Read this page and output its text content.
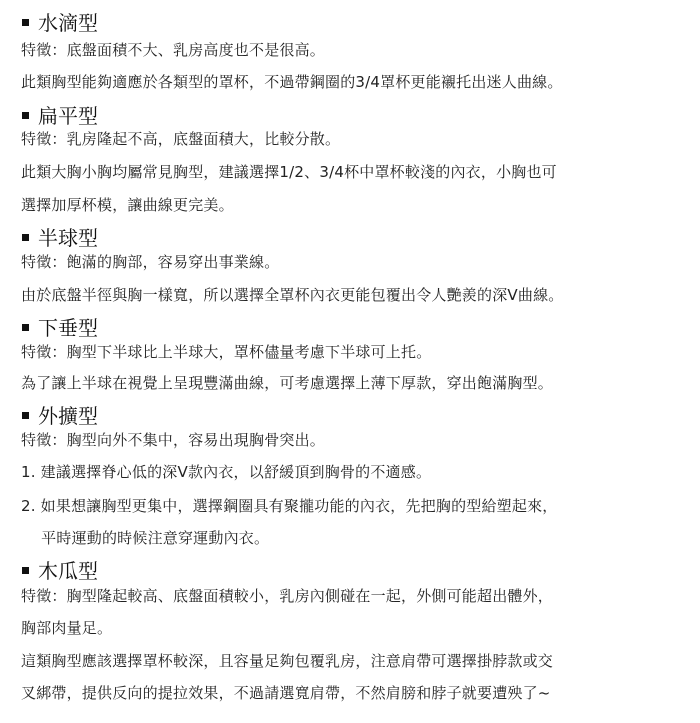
水滴型
特徵：底盤面積不大、乳房高度也不是很高。
此類胸型能夠適應於各類型的罩杯，不過帶鋼圈的3/4罩杯更能襯托出迷人曲線。
扁平型
特徵：乳房隆起不高，底盤面積大，比較分散。
此類大胸小胸均屬常見胸型，建議選擇1/2、3/4杯中罩杯較淺的內衣，小胸也可
選擇加厚杯模，讓曲線更完美。
半球型
特徵：飽滿的胸部，容易穿出事業線。
由於底盤半徑與胸一樣寬，所以選擇全罩杯內衣更能包覆出令人艷羨的深V曲線。
下垂型
特徵：胸型下半球比上半球大，罩杯儘量考慮下半球可上托。
為了讓上半球在視覺上呈現豐滿曲線，可考慮選擇上薄下厚款，穿出飽滿胸型。
外擴型
特徵：胸型向外不集中，容易出現胸骨突出。
1. 建議選擇脊心低的深V款內衣，以舒緩頂到胸骨的不適感。
2. 如果想讓胸型更集中，選擇鋼圈具有聚攏功能的內衣，先把胸的型給塑起來，
　 平時運動的時候注意穿運動內衣。
木瓜型
特徵：胸型隆起較高、底盤面積較小，乳房內側碰在一起，外側可能超出體外，
胸部肉量足。
這類胸型應該選擇罩杯較深，且容量足夠包覆乳房，注意肩帶可選擇掛脖款或交
叉綁帶，提供反向的提拉效果，不過請選寬肩帶，不然肩膀和脖子就要遭殃了~
